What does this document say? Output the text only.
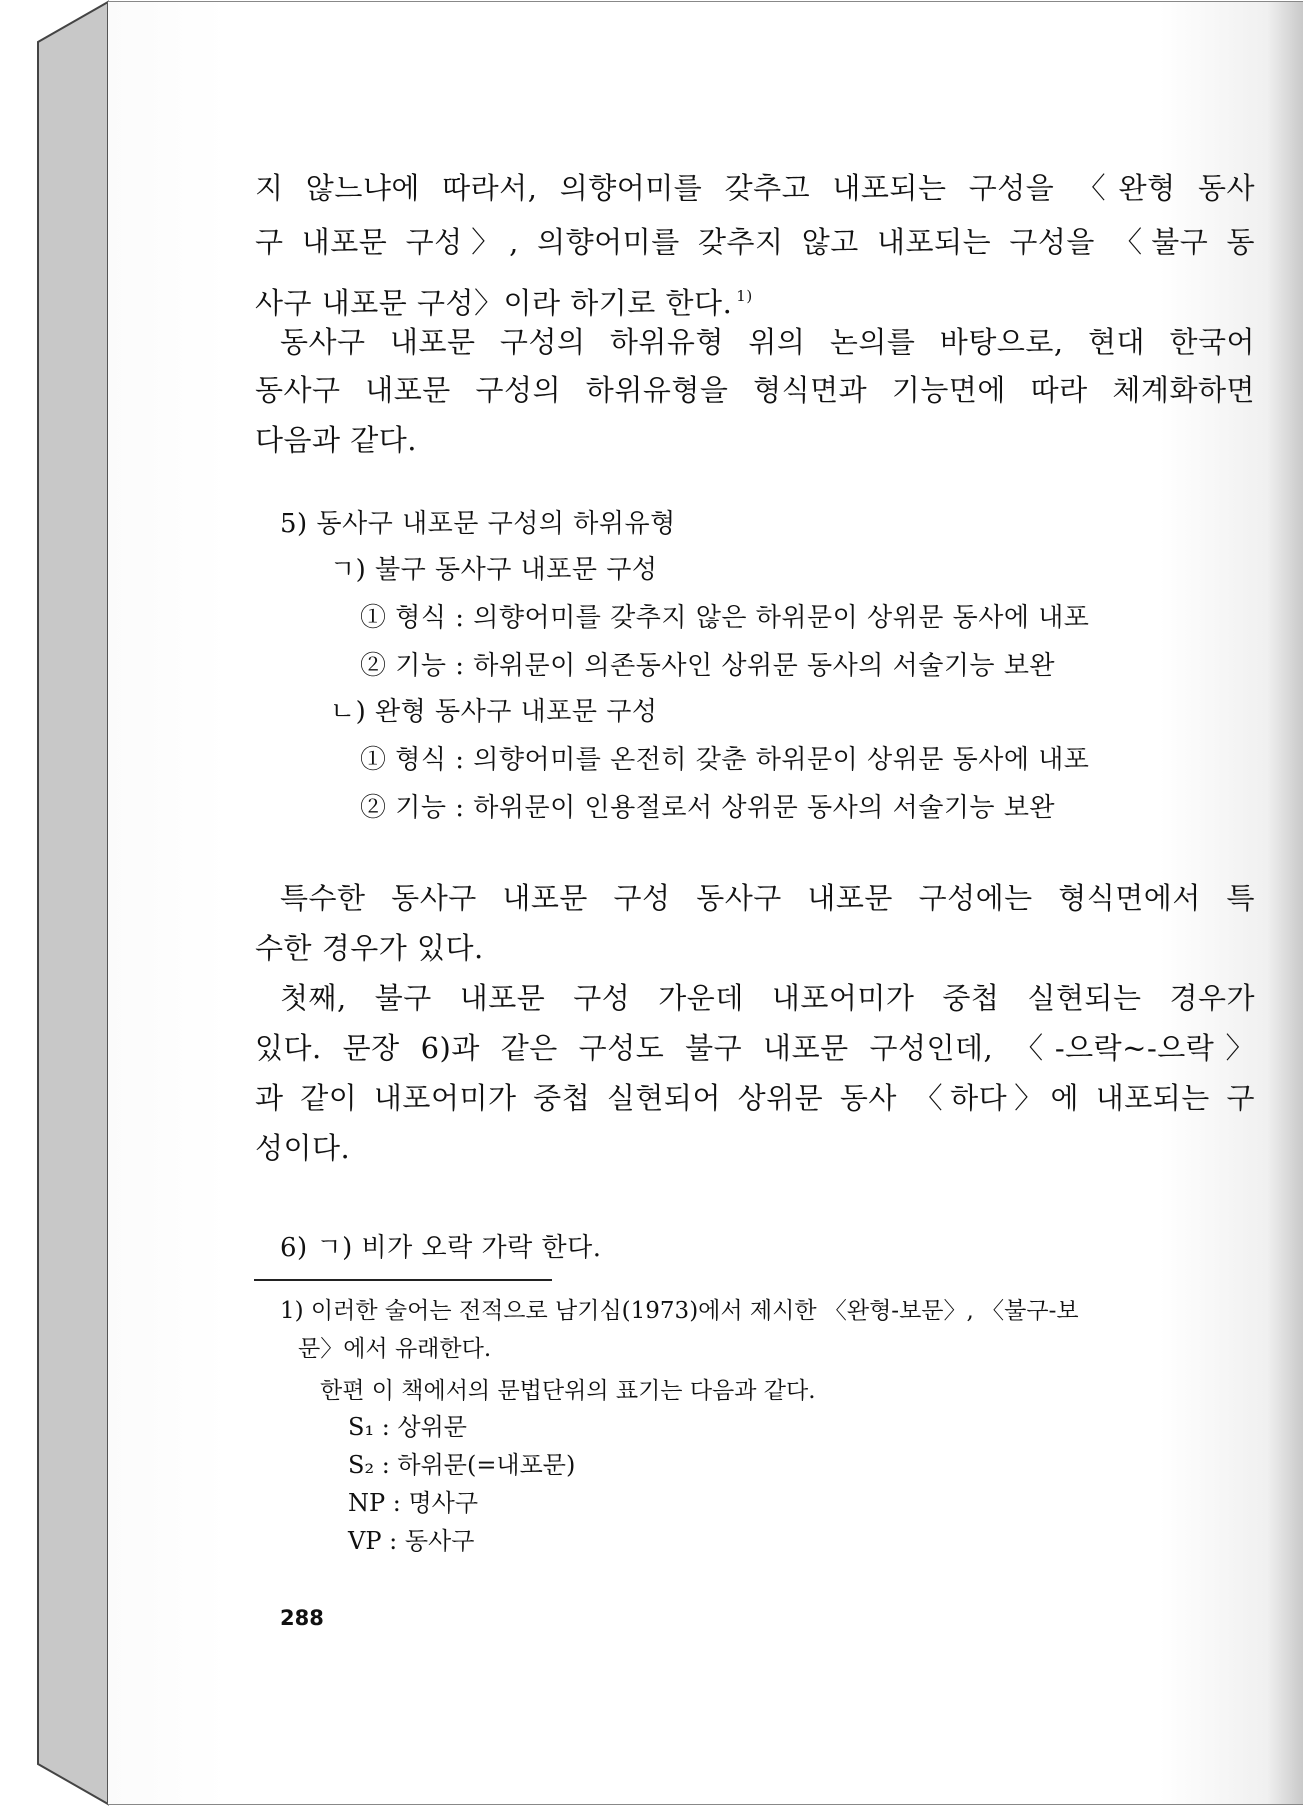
지 않느냐에 따라서, 의향어미를 갖추고 내포되는 구성을 〈완형 동사
구 내포문 구성〉, 의향어미를 갖추지 않고 내포되는 구성을 〈불구 동
사구 내포문 구성〉이라 하기로 한다. $^{1)}$
동사구 내포문 구성의 하위유형 위의 논의를 바탕으로, 현대 한국어
동사구 내포문 구성의 하위유형을 형식면과 기능면에 따라 체계화하면
다음과 같다.
5) 동사구 내포문 구성의 하위유형
ㄱ) 불구 동사구 내포문 구성
① 형식 : 의향어미를 갖추지 않은 하위문이 상위문 동사에 내포
② 기능 : 하위문이 의존동사인 상위문 동사의 서술기능 보완
ㄴ) 완형 동사구 내포문 구성
① 형식 : 의향어미를 온전히 갖춘 하위문이 상위문 동사에 내포
② 기능 : 하위문이 인용절로서 상위문 동사의 서술기능 보완
특수한 동사구 내포문 구성 동사구 내포문 구성에는 형식면에서 특
수한 경우가 있다.
첫째, 불구 내포문 구성 가운데 내포어미가 중첩 실현되는 경우가
있다. 문장 6)과 같은 구성도 불구 내포문 구성인데, 〈-으락~-으락〉
과 같이 내포어미가 중첩 실현되어 상위문 동사 〈하다〉에 내포되는 구
성이다.
6) ㄱ) 비가 오락 가락 한다.
1) 이러한 술어는 전적으로 남기심(1973)에서 제시한 〈완형-보문〉, 〈불구-보
문〉에서 유래한다.
한편 이 책에서의 문법단위의 표기는 다음과 같다.
S₁ : 상위문
S₂ : 하위문(=내포문)
NP : 명사구
VP : 동사구
288
